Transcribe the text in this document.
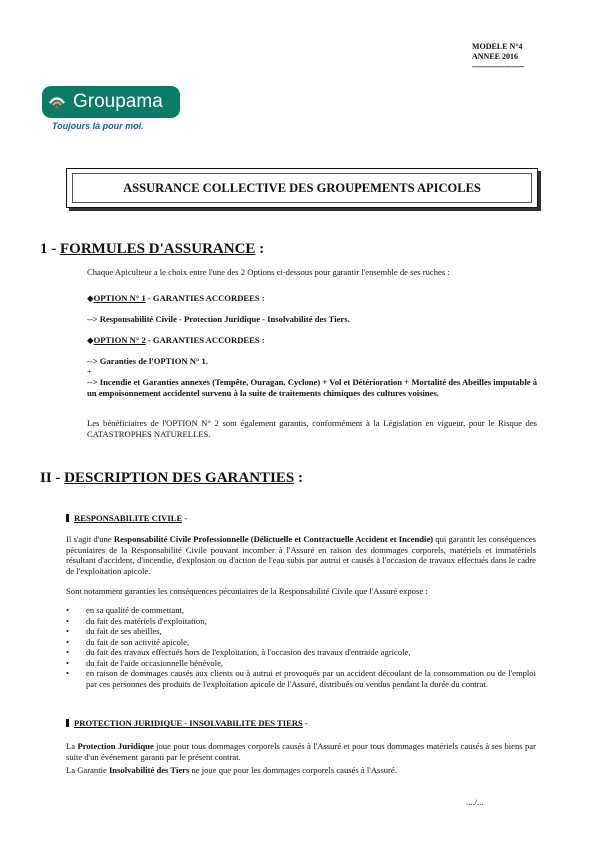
MODELE N°4
ANNEE 2016
------------------------
Groupama
Toujours là pour moi.
ASSURANCE COLLECTIVE DES GROUPEMENTS APICOLES
1 - FORMULES D'ASSURANCE :
Chaque Apiculteur a le choix entre l'une des 2 Options ci-dessous pour garantir l'ensemble de ses ruches :
◆OPTION N° 1 - GARANTIES ACCORDEES :
--> Responsabilité Civile - Protection Juridique - Insolvabilité des Tiers.
◆OPTION N° 2 - GARANTIES ACCORDEES :
--> Garanties de l'OPTION N° 1.
+
--> Incendie et Garanties annexes (Tempête, Ouragan, Cyclone) + Vol et Détérioration + Mortalité des Abeilles imputable à un empoisonnement accidentel survenu à la suite de traitements chimiques des cultures voisines.
Les bénéficiaires de l'OPTION N° 2 sont également garantis, conformément à la Législation en vigueur, pour le Risque des CATASTROPHES NATURELLES.
II - DESCRIPTION DES GARANTIES :
RESPONSABILITE CIVILE -
Il s'agit d'une Responsabilité Civile Professionnelle (Délictuelle et Contractuelle Accident et Incendie) qui garantit les conséquences pécuniaires de la Responsabilité Civile pouvant incomber à l'Assuré en raison des dommages corporels, matériels et immatériels résultant d'accident, d'incendie, d'explosion ou d'action de l'eau subis par autrui et causés à l'occasion de travaux effectués dans le cadre de l'exploitation apicole.
Sont notamment garanties les conséquences pécuniaires de la Responsabilité Civile que l'Assuré expose :
• en sa qualité de commettant,
• du fait des matériels d'exploitation,
• du fait de ses abeilles,
• du fait de son activité apicole,
• du fait des travaux effectués hors de l'exploitation, à l'occasion des travaux d'entraide agricole,
• du fait de l'aide occasionnelle bénévole,
• en raison de dommages causés aux clients ou à autrui et provoqués par un accident découlant de la consommation ou de l'emploi par ces personnes des produits de l'exploitation apicole de l'Assuré, distribués ou vendus pendant la durée du contrat.
PROTECTION JURIDIQUE - INSOLVABILITE DES TIERS -
La Protection Juridique joue pour tous dommages corporels causés à l'Assuré et pour tous dommages matériels causés à ses biens par suite d'un événement garanti par le présent contrat.
La Garantie Insolvabilité des Tiers ne joue que pour les dommages corporels causés à l'Assuré.
..../...
